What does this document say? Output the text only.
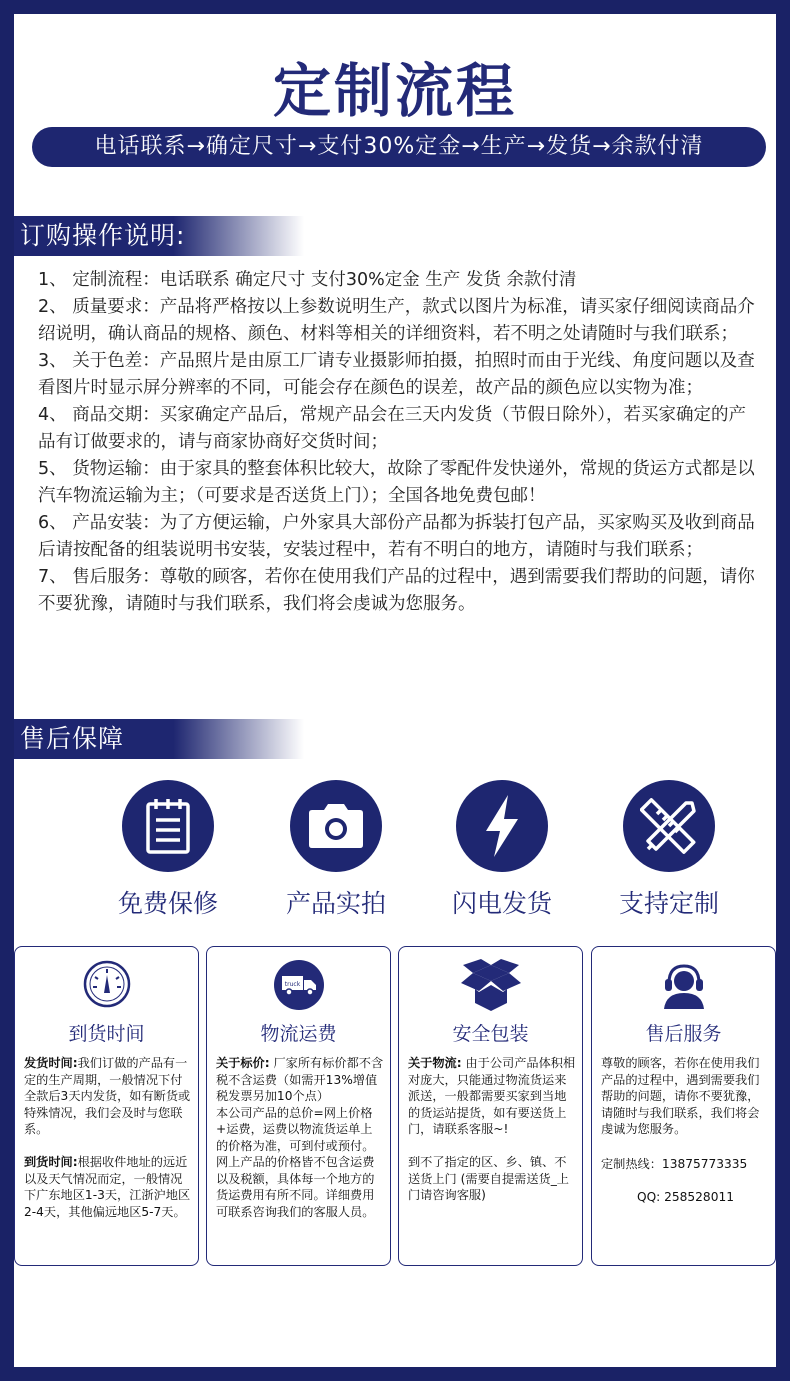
定制流程
电话联系→确定尺寸→支付30%定金→生产→发货→余款付清
订购操作说明:

1、 定制流程：电话联系 确定尺寸 支付30%定金 生产 发货 余款付清

2、 质量要求：产品将严格按以上参数说明生产，款式以图片为标准，请买家仔细阅读商品介绍说明，确认商品的规格、颜色、材料等相关的详细资料，若不明之处请随时与我们联系；

3、 关于色差：产品照片是由原工厂请专业摄影师拍摄，拍照时而由于光线、角度问题以及查看图片时显示屏分辨率的不同，可能会存在颜色的误差，故产品的颜色应以实物为准；

4、 商品交期：买家确定产品后，常规产品会在三天内发货（节假日除外），若买家确定的产品有订做要求的，请与商家协商好交货时间；

5、 货物运输：由于家具的整套体积比较大，故除了零配件发快递外，常规的货运方式都是以汽车物流运输为主；（可要求是否送货上门）；全国各地免费包邮！

6、 产品安装：为了方便运输，户外家具大部份产品都为拆装打包产品，买家购买及收到商品后请按配备的组装说明书安装，安装过程中，若有不明白的地方，请随时与我们联系；

7、 售后服务：尊敬的顾客，若你在使用我们产品的过程中，遇到需要我们帮助的问题，请你不要犹豫，请随时与我们联系，我们将会虔诚为您服务。

售后保障
免费保修	产品实拍	闪电发货	支持定制
到货时间
发货时间:我们订做的产品有一定的生产周期，一般情况下付全款后3天内发货，如有断货或特殊情况，我们会及时与您联系。
到货时间:根据收件地址的远近以及天气情况而定，一般情况下广东地区1-3天，江浙沪地区2-4天，其他偏远地区5-7天。
truck
物流运费
关于标价: 厂家所有标价都不含税不含运费（如需开13%增值税发票另加10个点）
本公司产品的总价=网上价格+运费，运费以物流货运单上的价格为准，可到付或预付。网上产品的价格皆不包含运费以及税额，具体每一个地方的货运费用有所不同。详细费用可联系咨询我们的客服人员。
安全包装
关于物流: 由于公司产品体积相对庞大，只能通过物流货运来派送，一般都需要买家到当地的货运站提货，如有要送货上门，请联系客服~!
到不了指定的区、乡、镇、不送货上门 (需要自提需送货_上门请咨询客服)
售后服务
尊敬的顾客，若你在使用我们产品的过程中，遇到需要我们帮助的问题，请你不要犹豫，请随时与我们联系，我们将会虔诚为您服务。
定制热线：13875773335
QQ: 258528011
